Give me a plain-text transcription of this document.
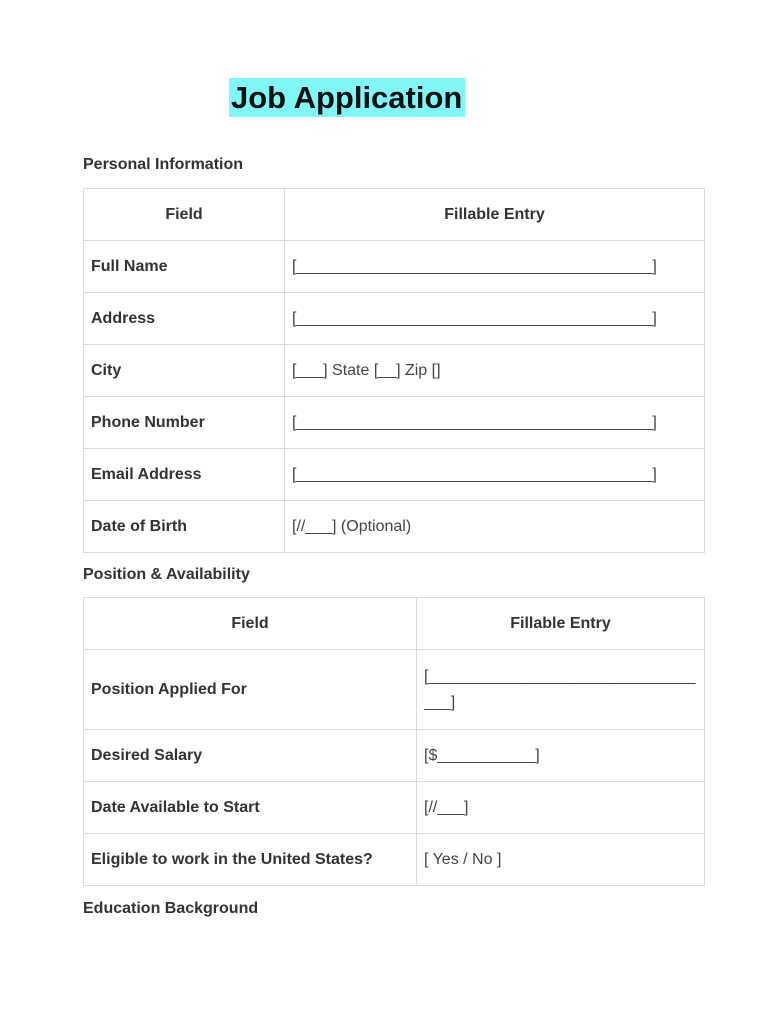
Job Application
Personal Information
Field	Fillable Entry
Full Name	[________________________________________]
Address	[________________________________________]
City	[___] State [__] Zip []
Phone Number	[________________________________________]
Email Address	[________________________________________]
Date of Birth	[//___] (Optional)
Position & Availability
Field	Fillable Entry
Position Applied For	[_________________________________]
Desired Salary	[$___________]
Date Available to Start	[//___]
Eligible to work in the United States?	[ Yes / No ]
Education Background
